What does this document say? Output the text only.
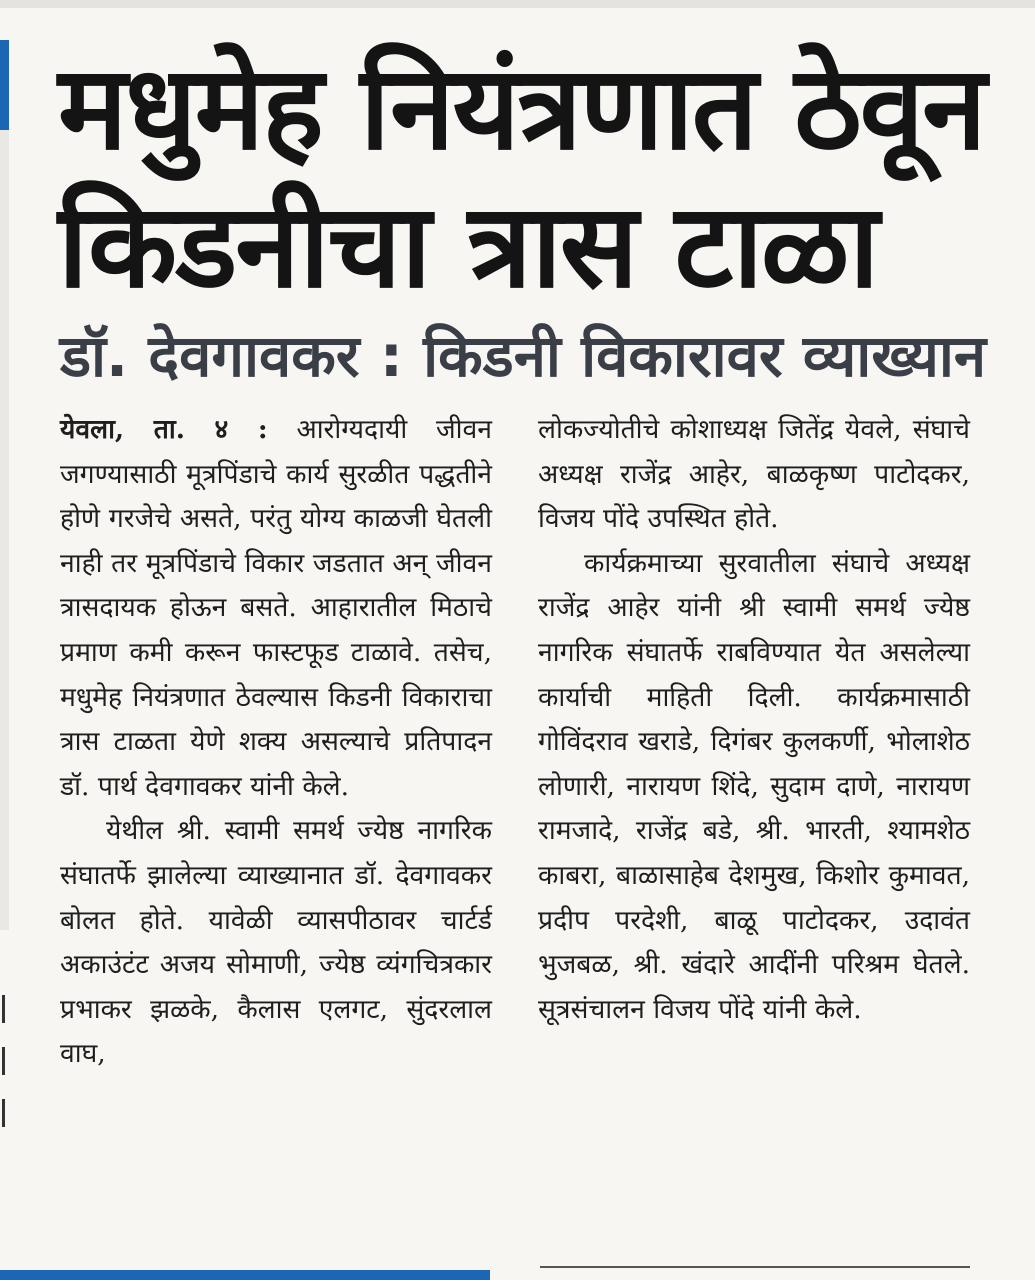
मधुमेह नियंत्रणात ठेवून
किडनीचा त्रास टाळा
डॉ. देवगावकर : किडनी विकारावर व्याख्यान

येवला, ता. ४ : आरोग्यदायी जीवन जगण्यासाठी मूत्रपिंडाचे कार्य सुरळीत पद्धतीने होणे गरजेचे असते, परंतु योग्य काळजी घेतली नाही तर मूत्रपिंडाचे विकार जडतात अन् जीवन त्रासदायक होऊन बसते. आहारातील मिठाचे प्रमाण कमी करून फास्टफूड टाळावे. तसेच, मधुमेह नियंत्रणात ठेवल्यास किडनी विकाराचा त्रास टाळता येणे शक्य असल्याचे प्रतिपादन डॉ. पार्थ देवगावकर यांनी केले.

येथील श्री. स्वामी समर्थ ज्येष्ठ नागरिक संघातर्फे झालेल्या व्याख्यानात डॉ. देवगावकर बोलत होते. यावेळी व्यासपीठावर चार्टर्ड अकाउंटंट अजय सोमाणी, ज्येष्ठ व्यंगचित्रकार प्रभाकर झळके, कैलास एलगट, सुंदरलाल वाघ,

लोकज्योतीचे कोशाध्यक्ष जितेंद्र येवले, संघाचे अध्यक्ष राजेंद्र आहेर, बाळकृष्ण पाटोदकर, विजय पोंदे उपस्थित होते.

कार्यक्रमाच्या सुरवातीला संघाचे अध्यक्ष राजेंद्र आहेर यांनी श्री स्वामी समर्थ ज्येष्ठ नागरिक संघातर्फे राबविण्यात येत असलेल्या कार्याची माहिती दिली. कार्यक्रमासाठी गोविंदराव खराडे, दिगंबर कुलकर्णी, भोलाशेठ लोणारी, नारायण शिंदे, सुदाम दाणे, नारायण रामजादे, राजेंद्र बडे, श्री. भारती, श्यामशेठ काबरा, बाळासाहेब देशमुख, किशोर कुमावत, प्रदीप परदेशी, बाळू पाटोदकर, उदावंत भुजबळ, श्री. खंदारे आदींनी परिश्रम घेतले. सूत्रसंचालन विजय पोंदे यांनी केले.
